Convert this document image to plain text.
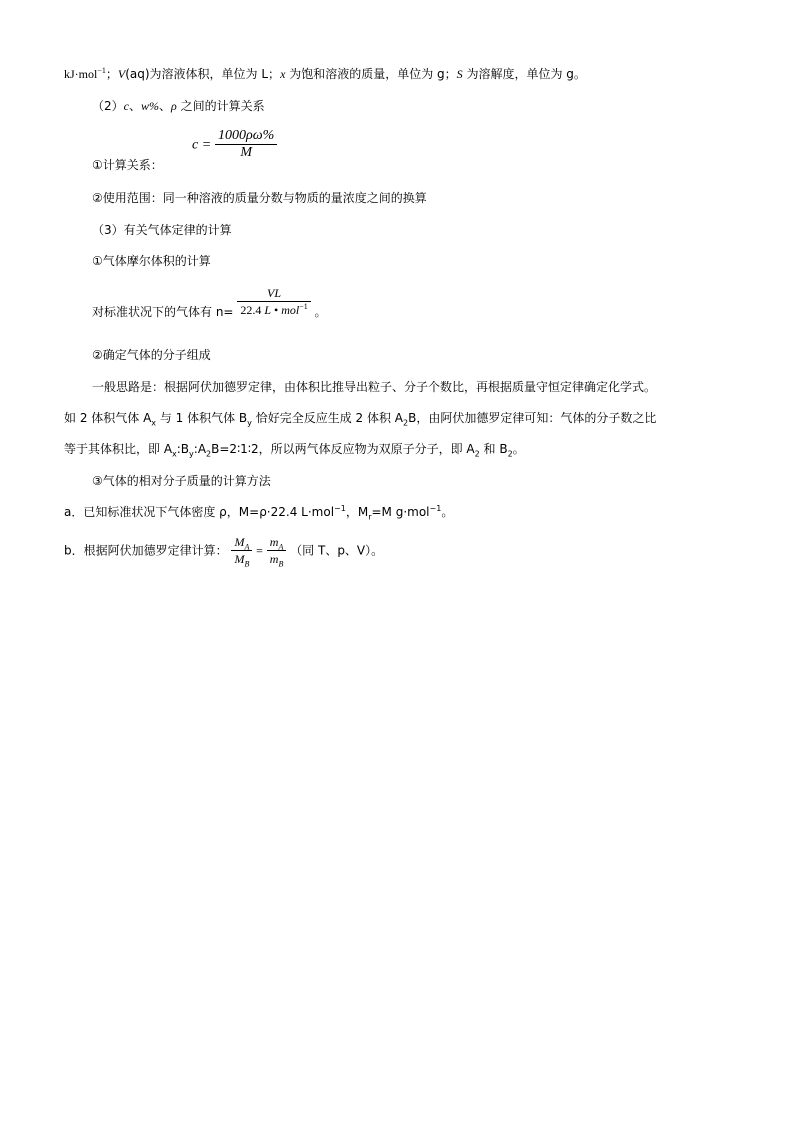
kJ·mol$^{-1}$；V(aq)为溶液体积，单位为 L；x 为饱和溶液的质量，单位为 g；S 为溶解度，单位为 g。
（2）c、w%、ρ 之间的计算关系
$c = \frac{1000\rho\omega\%}{M}$
①计算关系：
②使用范围：同一种溶液的质量分数与物质的量浓度之间的换算
（3）有关气体定律的计算
①气体摩尔体积的计算
对标准状况下的气体有 $n= \frac{VL}{22.4 L • mol^{-1}}$ 。
②确定气体的分子组成
一般思路是：根据阿伏加德罗定律，由体积比推导出粒子、分子个数比，再根据质量守恒定律确定化学式。
如 2 体积气体 $A_x$ 与 1 体积气体 $B_y$ 恰好完全反应生成 2 体积 $A_2B$，由阿伏加德罗定律可知：气体的分子数之比
等于其体积比，即 $A_x:B_y:A_2B=2∶1∶2$，所以两气体反应物为双原子分子，即 $A_2$ 和 $B_2$。
③气体的相对分子质量的计算方法
a．已知标准状况下气体密度 ρ，M=ρ·22.4 L·mol$^{-1}$，$M_r=M$ g·mol$^{-1}$。
b．根据阿伏加德罗定律计算： $\frac{M_A}{M_B} = \frac{m_A}{m_B}$ （同 T、p、V）。
